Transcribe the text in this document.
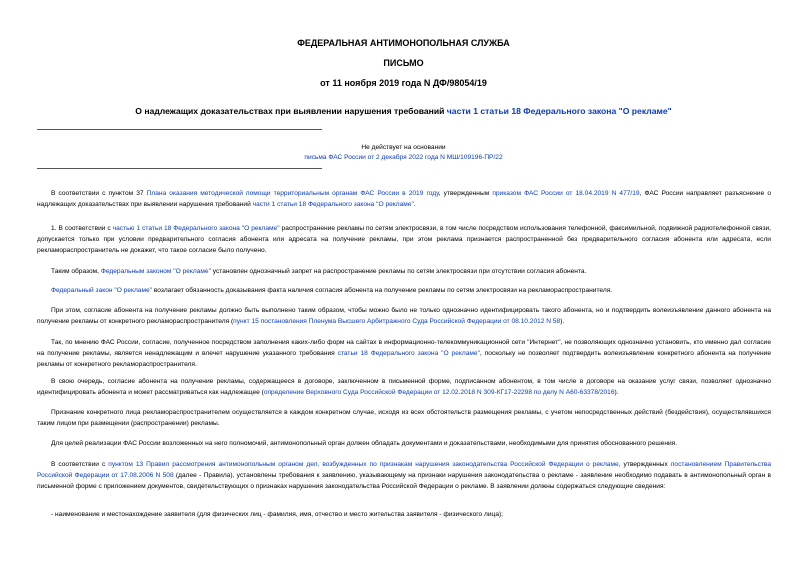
ФЕДЕРАЛЬНАЯ АНТИМОНОПОЛЬНАЯ СЛУЖБА
ПИСЬМО
от 11 ноября 2019 года N ДФ/98054/19
О надлежащих доказательствах при выявлении нарушения требований части 1 статьи 18 Федерального закона "О рекламе"
Не действует на основании
письма ФАС России от 2 декабря 2022 года N МШ/109196-ПР/22
В соответствии с пунктом 37 Плана оказания методической помощи территориальным органам ФАС России в 2019 году, утвержденным приказом ФАС России от 18.04.2019 N 477/19, ФАС России направляет разъяснение о надлежащих доказательствах при выявлении нарушения требований части 1 статьи 18 Федерального закона "О рекламе".
1. В соответствии с частью 1 статьи 18 Федерального закона "О рекламе" распространение рекламы по сетям электросвязи, в том числе посредством использования телефонной, факсимильной, подвижной радиотелефонной связи, допускается только при условии предварительного согласия абонента или адресата на получение рекламы, при этом реклама признается распространенной без предварительного согласия абонента или адресата, если рекламораспространитель не докажет, что такое согласие было получено.
Таким образом, Федеральным законом "О рекламе" установлен однозначный запрет на распространение рекламы по сетям электросвязи при отсутствии согласия абонента.
Федеральный закон "О рекламе" возлагает обязанность доказывания факта наличия согласия абонента на получение рекламы по сетям электросвязи на рекламораспространителя.
При этом, согласие абонента на получение рекламы должно быть выполнено таким образом, чтобы можно было не только однозначно идентифицировать такого абонента, но и подтвердить волеизъявление данного абонента на получение рекламы от конкретного рекламораспространителя (пункт 15 постановления Пленума Высшего Арбитражного Суда Российской Федерации от 08.10.2012 N 58).
Так, по мнению ФАС России, согласие, полученное посредством заполнения каких-либо форм на сайтах в информационно-телекоммуникационной сети "Интернет", не позволяющих однозначно установить, кто именно дал согласие на получение рекламы, является ненадлежащим и влечет нарушение указанного требования статьи 18 Федерального закона "О рекламе", поскольку не позволяет подтвердить волеизъявление конкретного абонента на получение рекламы от конкретного рекламораспространителя.
В свою очередь, согласие абонента на получение рекламы, содержащееся в договоре, заключенном в письменной форме, подписанном абонентом, в том числе в договоре на оказание услуг связи, позволяет однозначно идентифицировать абонента и может рассматриваться как надлежащее (определение Верховного Суда Российской Федерации от 12.02.2018 N 309-КГ17-22298 по делу N А60-63378/2016).
Признание конкретного лица рекламораспространителем осуществляется в каждом конкретном случае, исходя из всех обстоятельств размещения рекламы, с учетом непосредственных действий (бездействия), осуществлявшихся таким лицом при размещении (распространении) рекламы.
Для целей реализации ФАС России возложенных на него полномочий, антимонопольный орган должен обладать документами и доказательствами, необходимыми для принятия обоснованного решения.
В соответствии с пунктом 13 Правил рассмотрения антимонопольным органом дел, возбужденных по признакам нарушения законодательства Российской Федерации о рекламе, утвержденных постановлением Правительства Российской Федерации от 17.08.2006 N 508 (далее - Правила), установлены требования к заявлению, указывающему на признаки нарушения законодательства о рекламе - заявление необходимо подавать в антимонопольный орган в письменной форме с приложением документов, свидетельствующих о признаках нарушения законодательства Российской Федерации о рекламе. В заявлении должны содержаться следующие сведения:
- наименование и местонахождение заявителя (для физических лиц - фамилия, имя, отчество и место жительства заявителя - физического лица);
